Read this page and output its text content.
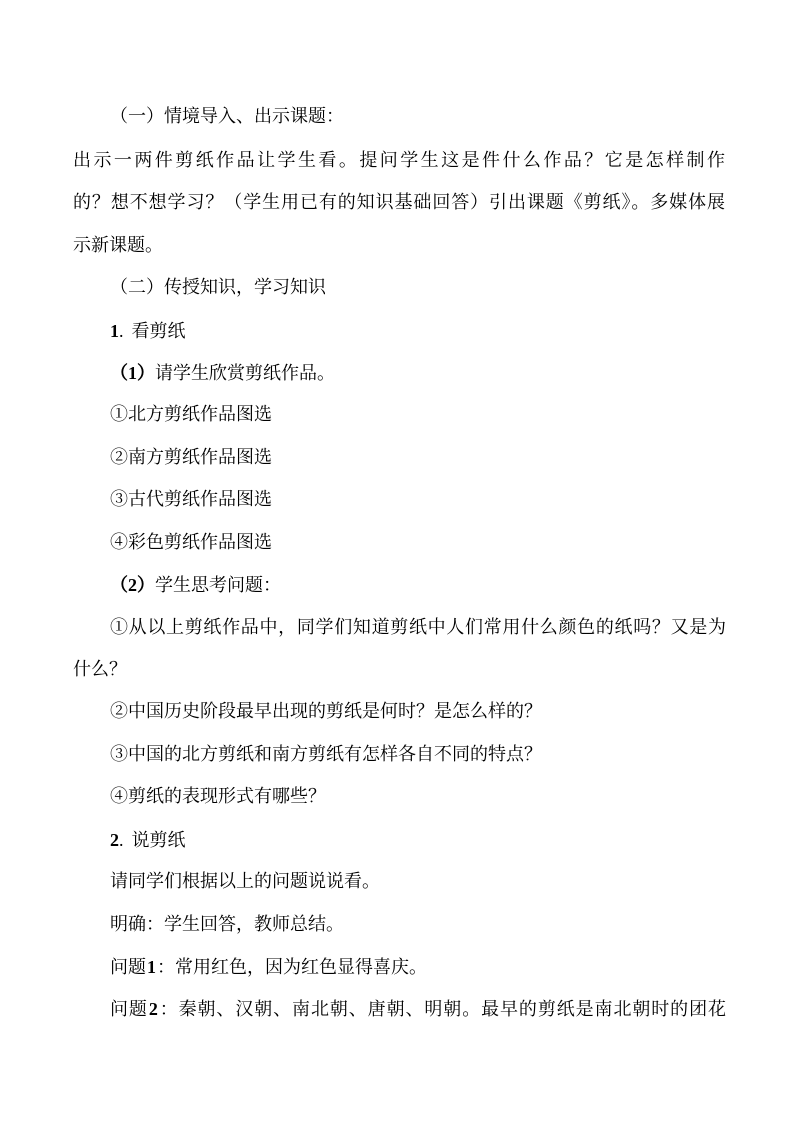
（一）情境导入、出示课题：

出示一两件剪纸作品让学生看。提问学生这是件什么作品？它是怎样制作

的？想不想学习？（学生用已有的知识基础回答）引出课题《剪纸》。多媒体展

示新课题。

（二）传授知识，学习知识

1. 看剪纸

（1）请学生欣赏剪纸作品。

①北方剪纸作品图选

②南方剪纸作品图选

③古代剪纸作品图选

④彩色剪纸作品图选

（2）学生思考问题：

①从以上剪纸作品中，同学们知道剪纸中人们常用什么颜色的纸吗？又是为

什么？

②中国历史阶段最早出现的剪纸是何时？是怎么样的？

③中国的北方剪纸和南方剪纸有怎样各自不同的特点？

④剪纸的表现形式有哪些？

2. 说剪纸

请同学们根据以上的问题说说看。

明确：学生回答，教师总结。

问题1：常用红色，因为红色显得喜庆。

问题2：秦朝、汉朝、南北朝、唐朝、明朝。最早的剪纸是南北朝时的团花
